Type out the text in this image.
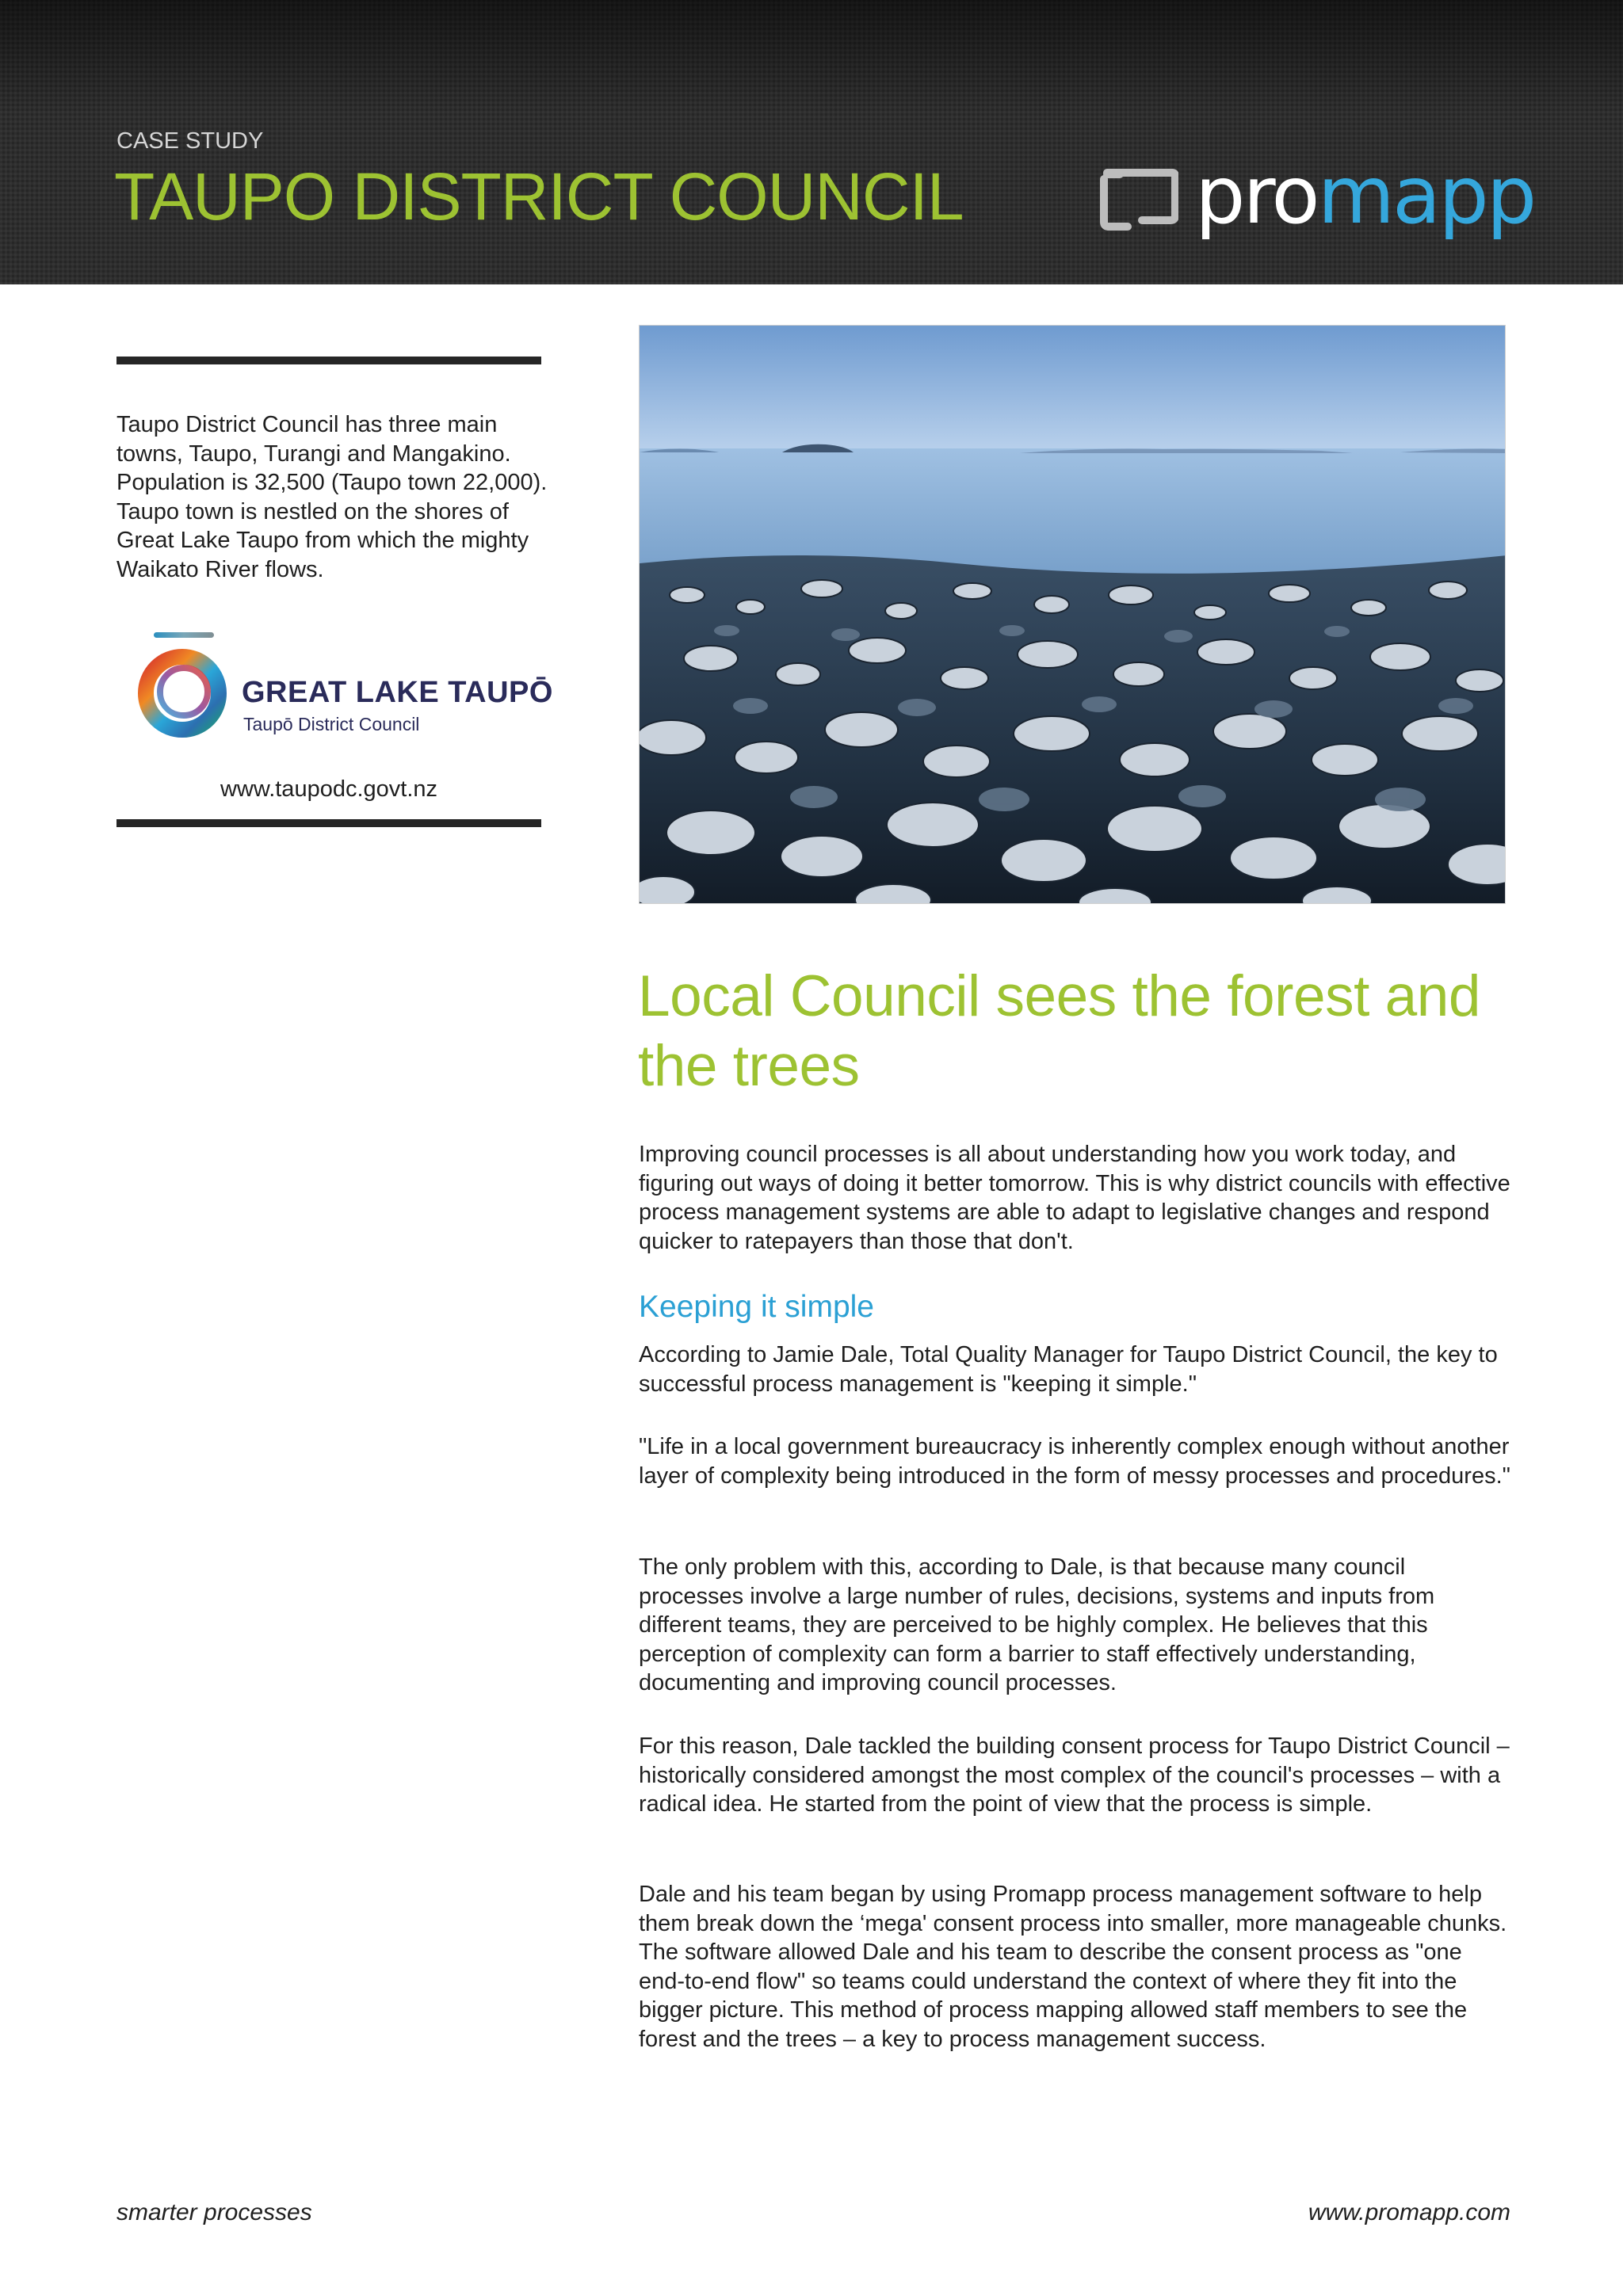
CASE STUDY
TAUPO DISTRICT COUNCIL	promapp

Taupo District Council has three main towns, Taupo, Turangi and Mangakino. Population is 32,500 (Taupo town 22,000). Taupo town is nestled on the shores of Great Lake Taupo from which the mighty Waikato River flows.

GREAT LAKE TAUPŌ
Taupō District Council
www.taupodc.govt.nz
Local Council sees the forest and the trees

Improving council processes is all about understanding how you work today, and figuring out ways of doing it better tomorrow. This is why district councils with effective process management systems are able to adapt to legislative changes and respond quicker to ratepayers than those that don't.

Keeping it simple

According to Jamie Dale, Total Quality Manager for Taupo District Council, the key to successful process management is "keeping it simple."

"Life in a local government bureaucracy is inherently complex enough without another layer of complexity being introduced in the form of messy processes and procedures."

The only problem with this, according to Dale, is that because many council processes involve a large number of rules, decisions, systems and inputs from different teams, they are perceived to be highly complex. He believes that this perception of complexity can form a barrier to staff effectively understanding, documenting and improving council processes.

For this reason, Dale tackled the building consent process for Taupo District Council – historically considered amongst the most complex of the council's processes – with a radical idea. He started from the point of view that the process is simple.

Dale and his team began by using Promapp process management software to help them break down the ‘mega' consent process into smaller, more manageable chunks. The software allowed Dale and his team to describe the consent process as "one end-to-end flow" so teams could understand the context of where they fit into the bigger picture. This method of process mapping allowed staff members to see the forest and the trees – a key to process management success.

smarter processes	www.promapp.com
